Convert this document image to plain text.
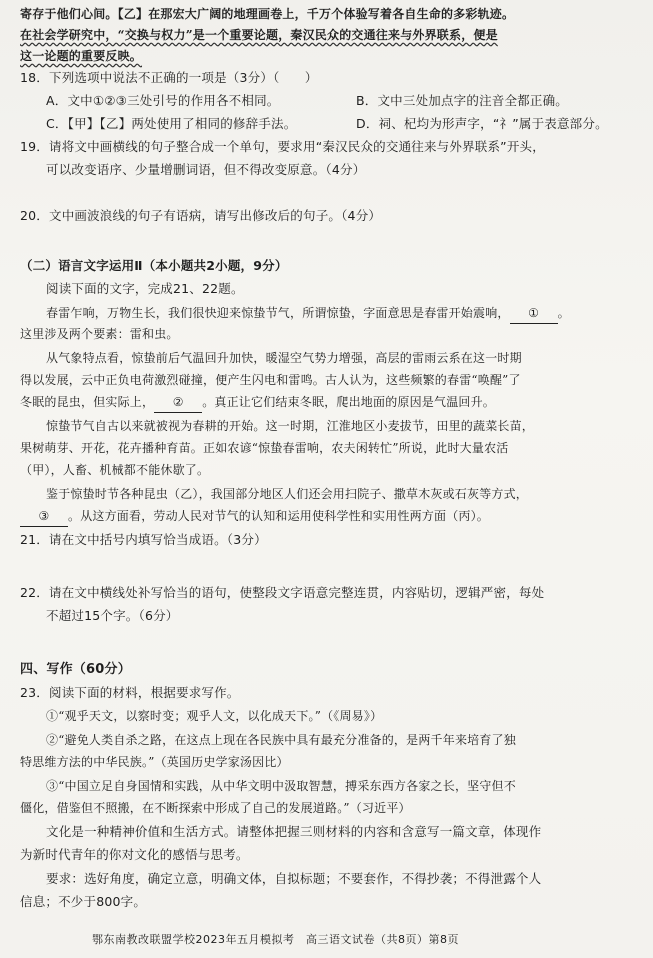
寄存于他们心间。【乙】在那宏大广阔的地理画卷上，千万个体验写着各自生命的多彩轨迹。
在社会学研究中，“交换与权力”是一个重要论题，秦汉民众的交通往来与外界联系，便是
这一论题的重要反映。
18．下列选项中说法不正确的一项是（3分）（　　）
A．文中①②③三处引号的作用各不相同。	B．文中三处加点字的注音全都正确。
C．【甲】【乙】两处使用了相同的修辞手法。	D．祠、杞均为形声字，“礻”属于表意部分。
19．请将文中画横线的句子整合成一个单句，要求用“秦汉民众的交通往来与外界联系”开头，
可以改变语序、少量增删词语，但不得改变原意。（4分）
20．文中画波浪线的句子有语病，请写出修改后的句子。（4分）
（二）语言文字运用Ⅱ（本小题共2小题，9分）
阅读下面的文字，完成21、22题。
春雷乍响，万物生长，我们很快迎来惊蛰节气，所谓惊蛰，字面意思是春雷开始震响， ① 。
这里涉及两个要素：雷和虫。
从气象特点看，惊蛰前后气温回升加快，暖湿空气势力增强，高层的雷雨云系在这一时期
得以发展，云中正负电荷激烈碰撞，便产生闪电和雷鸣。古人认为，这些频繁的春雷“唤醒”了
冬眠的昆虫，但实际上， ② 。真正让它们结束冬眠，爬出地面的原因是气温回升。
惊蛰节气自古以来就被视为春耕的开始。这一时期，江淮地区小麦拔节，田里的蔬菜长苗，
果树萌芽、开花，花卉播种育苗。正如农谚“惊蛰春雷响，农夫闲转忙”所说，此时大量农活
（甲），人畜、机械都不能休歇了。
鉴于惊蛰时节各种昆虫（乙），我国部分地区人们还会用扫院子、撒草木灰或石灰等方式，
③ 。从这方面看，劳动人民对节气的认知和运用使科学性和实用性两方面（丙）。
21．请在文中括号内填写恰当成语。（3分）
22．请在文中横线处补写恰当的语句，使整段文字语意完整连贯，内容贴切，逻辑严密，每处
不超过15个字。（6分）
四、写作（60分）
23．阅读下面的材料，根据要求写作。
①“观乎天文，以察时变；观乎人文，以化成天下。”（《周易》）
②“避免人类自杀之路，在这点上现在各民族中具有最充分准备的，是两千年来培育了独
特思维方法的中华民族。”（英国历史学家汤因比）
③“中国立足自身国情和实践，从中华文明中汲取智慧，搏采东西方各家之长，坚守但不
僵化，借鉴但不照搬，在不断探索中形成了自己的发展道路。”（习近平）
文化是一种精神价值和生活方式。请整体把握三则材料的内容和含意写一篇文章，体现作
为新时代青年的你对文化的感悟与思考。
要求：选好角度，确定立意，明确文体，自拟标题；不要套作，不得抄袭；不得泄露个人
信息；不少于800字。
鄂东南教改联盟学校2023年五月模拟考　高三语文试卷（共8页）第8页
